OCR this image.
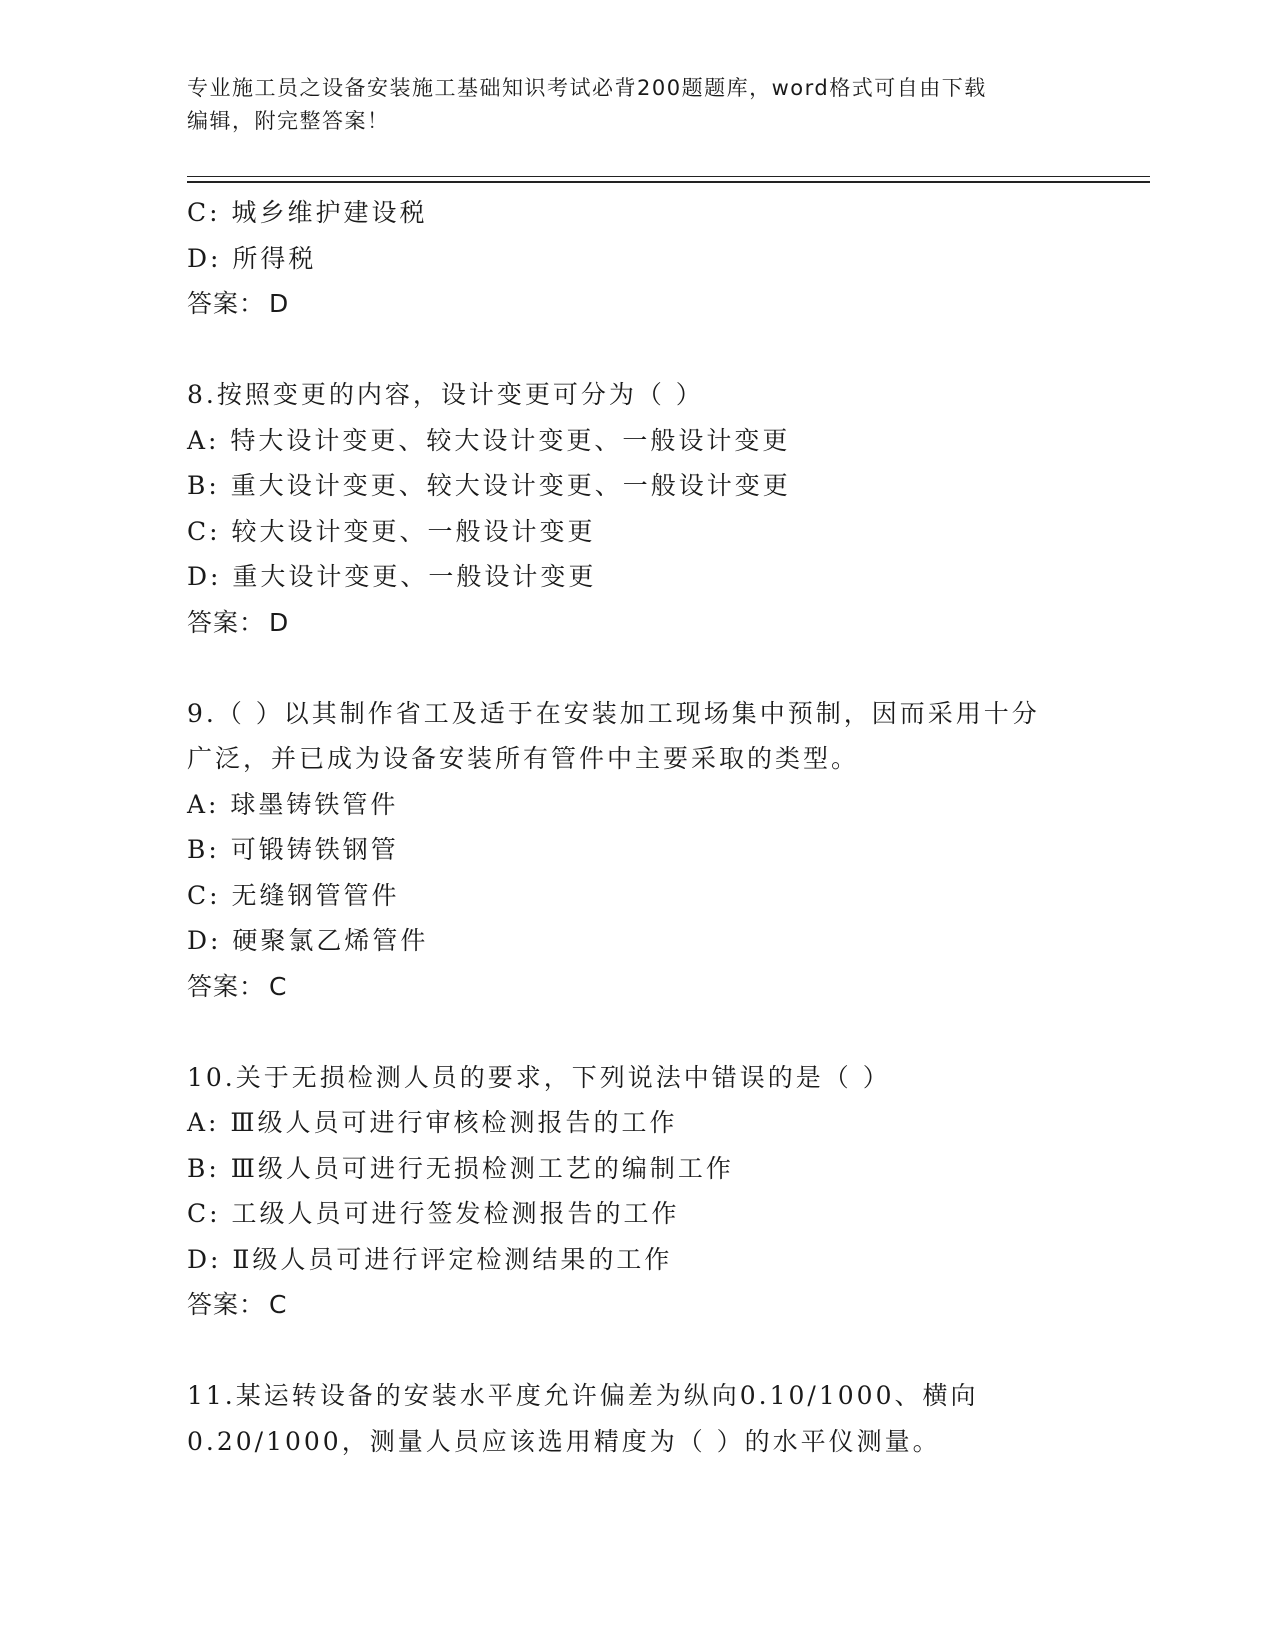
专业施工员之设备安装施工基础知识考试必背200题题库，word格式可自由下载
编辑，附完整答案！
C: 城乡维护建设税
D: 所得税
答案： D
8.按照变更的内容，设计变更可分为（ ）
A: 特大设计变更、较大设计变更、一般设计变更
B: 重大设计变更、较大设计变更、一般设计变更
C: 较大设计变更、一般设计变更
D: 重大设计变更、一般设计变更
答案： D
9.（ ）以其制作省工及适于在安装加工现场集中预制，因而采用十分
广泛，并已成为设备安装所有管件中主要采取的类型。
A: 球墨铸铁管件
B: 可锻铸铁钢管
C: 无缝钢管管件
D: 硬聚氯乙烯管件
答案： C
10.关于无损检测人员的要求，下列说法中错误的是（ ）
A: Ⅲ级人员可进行审核检测报告的工作
B: Ⅲ级人员可进行无损检测工艺的编制工作
C: 工级人员可进行签发检测报告的工作
D: Ⅱ级人员可进行评定检测结果的工作
答案： C
11.某运转设备的安装水平度允许偏差为纵向0.10/1000、横向
0.20/1000，测量人员应该选用精度为（ ）的水平仪测量。
